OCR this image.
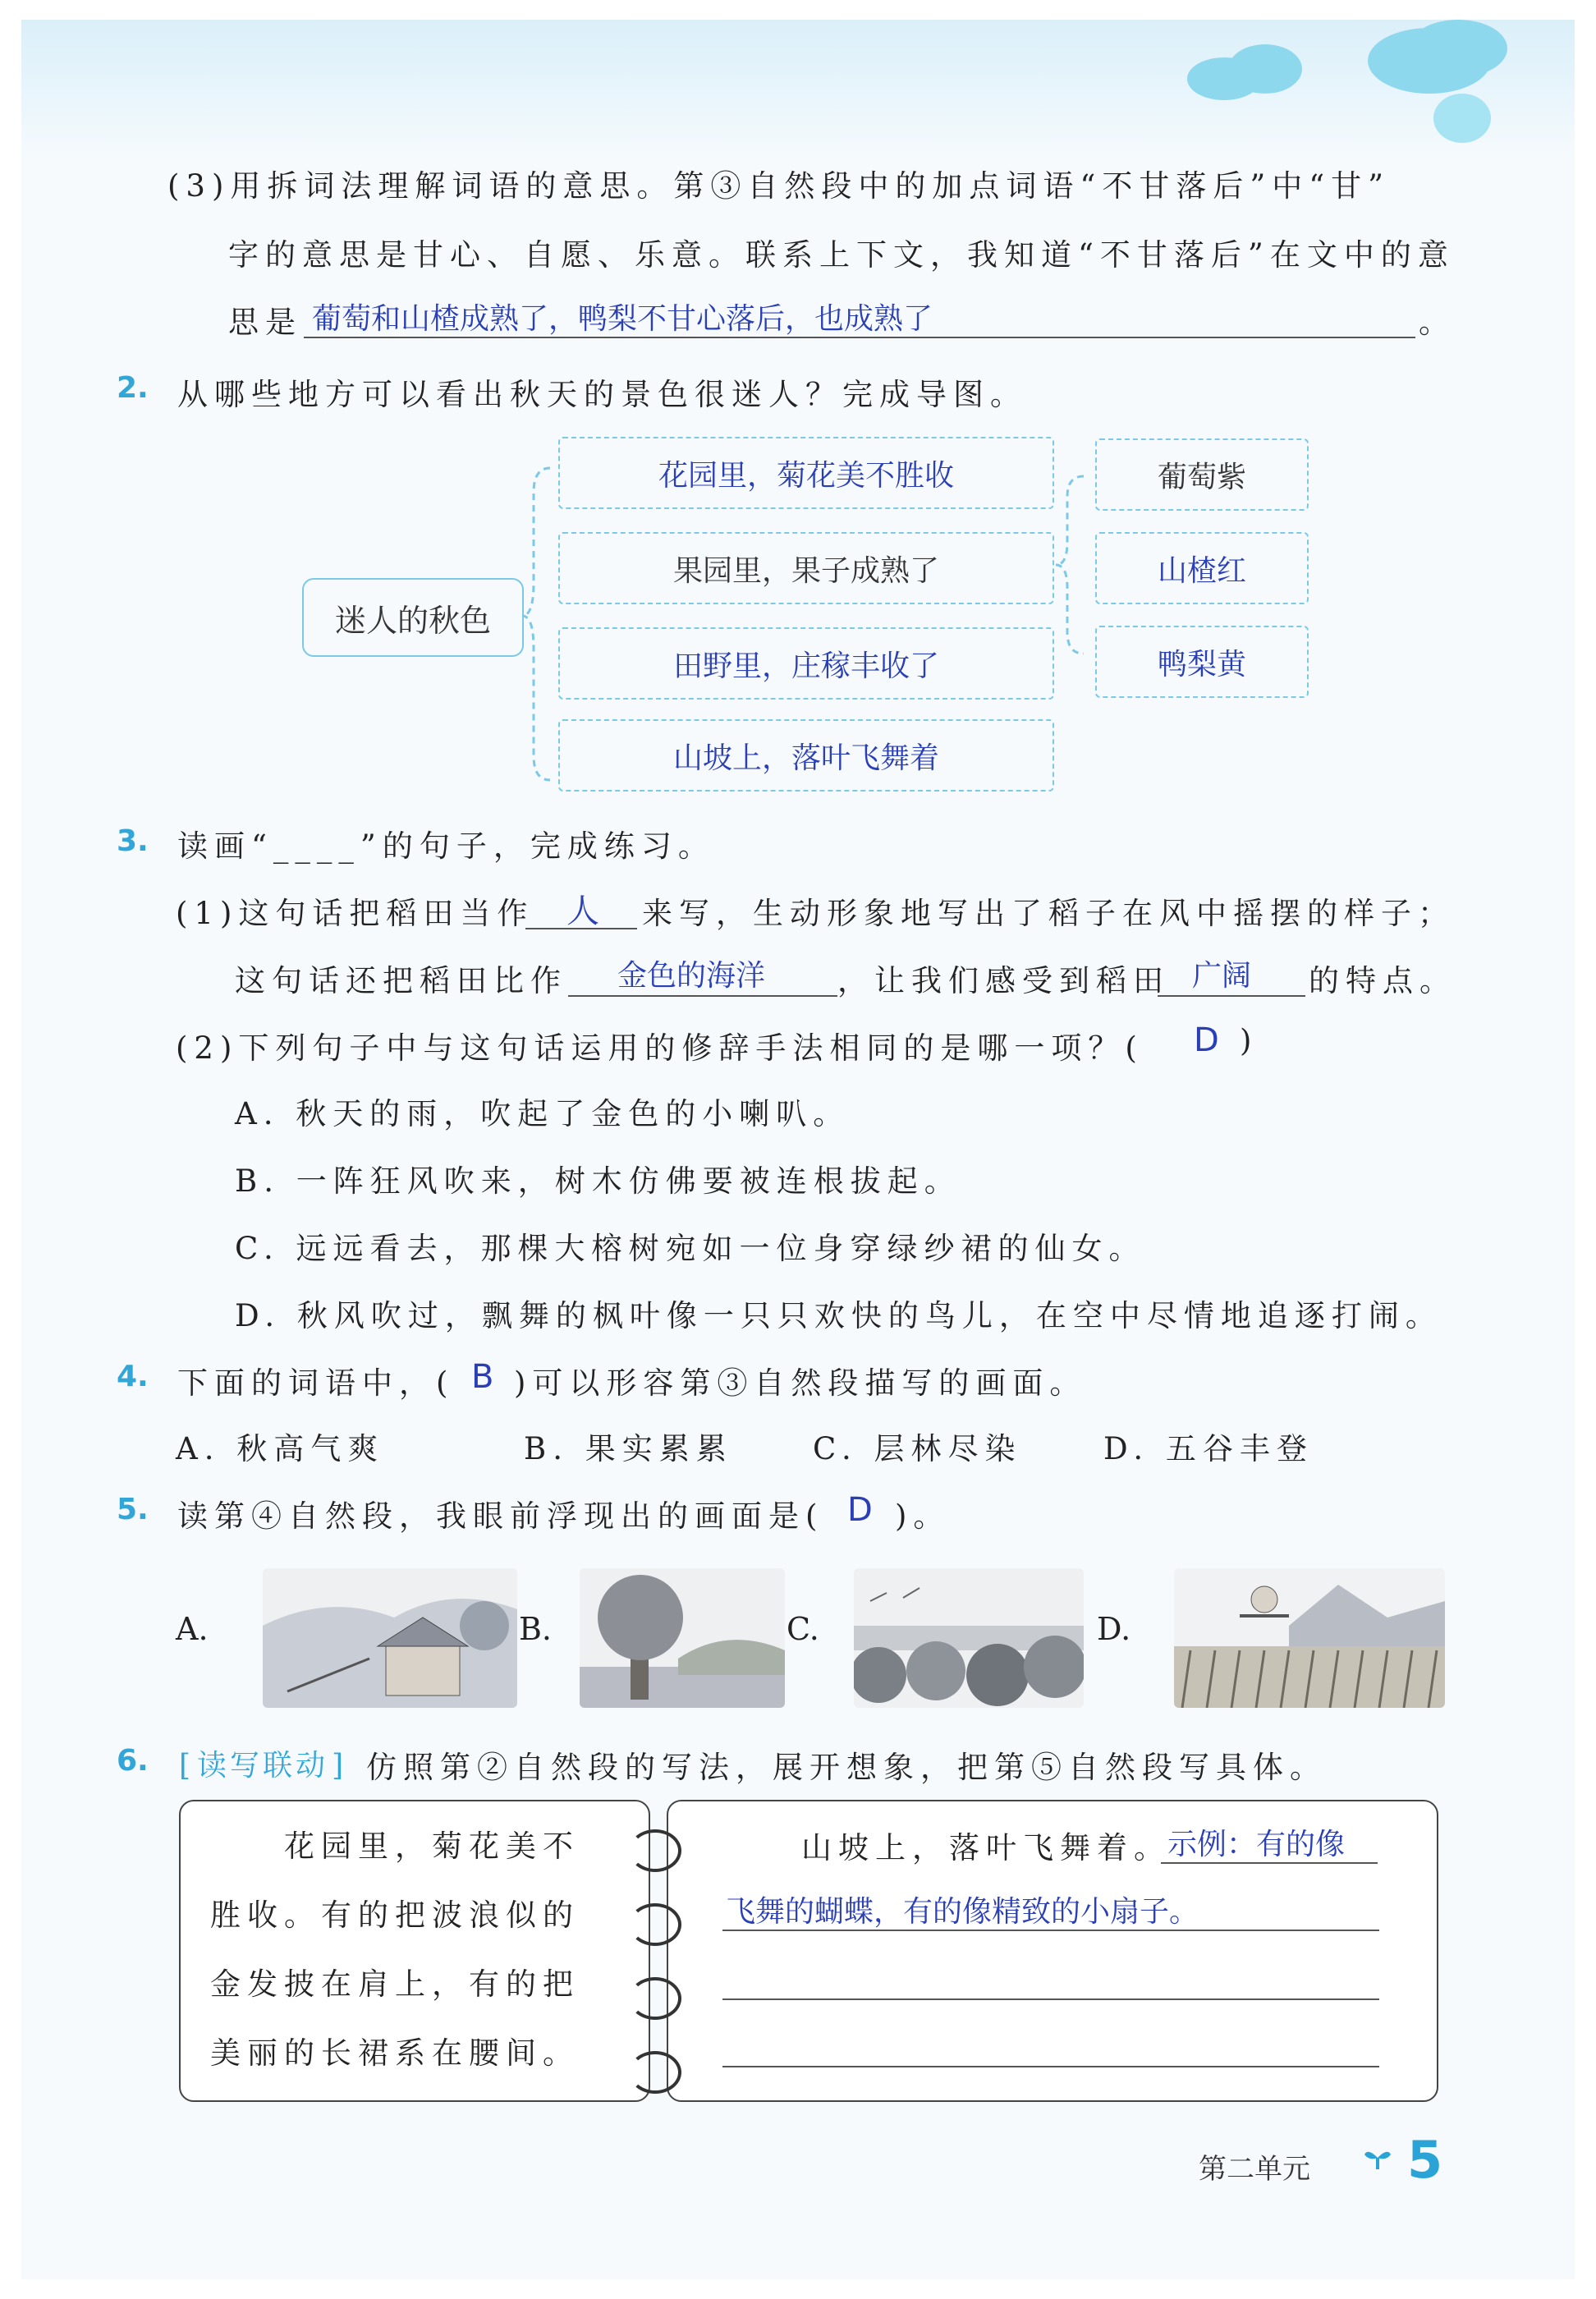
(3)用拆词法理解词语的意思。第③自然段中的加点词语“不甘落后”中“甘”
字的意思是甘心、自愿、乐意。联系上下文，我知道“不甘落后”在文中的意
思是 葡萄和山楂成熟了，鸭梨不甘心落后，也成熟了	。
2. 从哪些地方可以看出秋天的景色很迷人？完成导图。
迷人的秋色
花园里，菊花美不胜收
果园里，果子成熟了
田野里，庄稼丰收了
山坡上，落叶飞舞着
葡萄紫
山楂红
鸭梨黄
3. 读画“____”的句子，完成练习。
(1)这句话把稻田当作 人 来写，生动形象地写出了稻子在风中摇摆的样子；
这句话还把稻田比作 金色的海洋 ，让我们感受到稻田 广阔 的特点。
(2)下列句子中与这句话运用的修辞手法相同的是哪一项？( D )
A. 秋天的雨，吹起了金色的小喇叭。
B. 一阵狂风吹来，树木仿佛要被连根拔起。
C. 远远看去，那棵大榕树宛如一位身穿绿纱裙的仙女。
D. 秋风吹过，飘舞的枫叶像一只只欢快的鸟儿，在空中尽情地追逐打闹。
4. 下面的词语中，( B )可以形容第③自然段描写的画面。
A. 秋高气爽	B. 果实累累	C. 层林尽染	D. 五谷丰登
5. 读第④自然段，我眼前浮现出的画面是( D )。
A.	B.	C.	D.
6.
[	读写联动 ]	仿照第②自然段的写法，展开想象，把第⑤自然段写具体。
花园里，菊花美不
胜收。有的把波浪似的
金发披在肩上，有的把
美丽的长裙系在腰间。
山坡上，落叶飞舞着。
示例：有的像
飞舞的蝴蝶，有的像精致的小扇子。
第二单元 5
